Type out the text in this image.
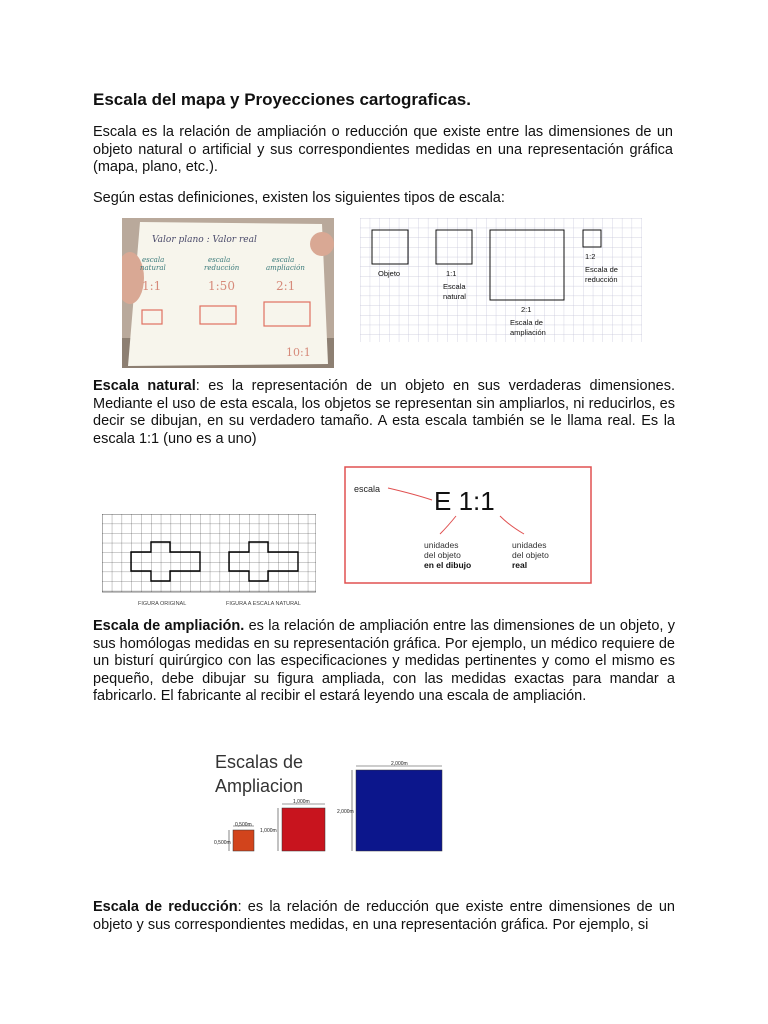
Escala del mapa y Proyecciones cartograficas.
Escala es la relación de ampliación o reducción que existe entre las dimensiones de un objeto natural o artificial y sus correspondientes medidas en una representación gráfica (mapa, plano, etc.).
Según estas definiciones, existen los siguientes tipos de escala:
Valor plano : Valor real
escala
natural
1:1
escala
reducción
1:50
escala
ampliación
2:1
10:1
Objeto	1:1
Escala
natural
2:1
Escala de
ampliación
1:2
Escala de
reducción
Escala natural: es la representación de un objeto en sus verdaderas dimensiones. Mediante el uso de esta escala, los objetos se representan sin ampliarlos, ni reducirlos, es decir se dibujan, en su verdadero tamaño. A esta escala también se le llama real. Es la escala 1:1 (uno es a uno)
FIGURA ORIGINAL	FIGURA A ESCALA NATURAL
escala E 1:1
unidades
del objeto
en el dibujo
unidades
del objeto
real
Escala de ampliación. es la relación de ampliación entre las dimensiones de un objeto, y sus homólogas medidas en su representación gráfica. Por ejemplo, un médico requiere de un bisturí quirúrgico con las especificaciones y medidas pertinentes y como el mismo es pequeño, debe dibujar su figura ampliada, con las medidas exactas para mandar a fabricarlo. El fabricante al recibir el estará leyendo una escala de ampliación.
Escalas de
Ampliacion
0,500m
0,500m
1,000m
1,000m
2,000m
2,000m
Escala de reducción: es la relación de reducción que existe entre dimensiones de un
objeto y sus correspondientes medidas, en una representación gráfica. Por ejemplo, si
